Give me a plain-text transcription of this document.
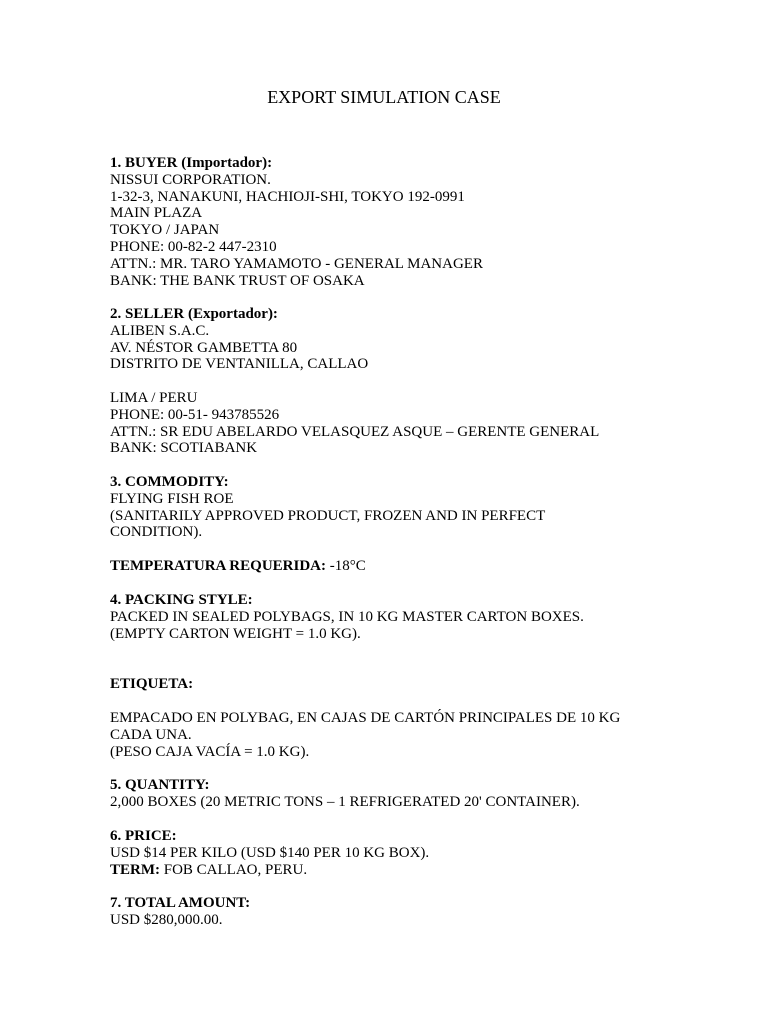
EXPORT SIMULATION CASE
1. BUYER (Importador):
NISSUI CORPORATION.
1-32-3, NANAKUNI, HACHIOJI-SHI, TOKYO 192-0991
MAIN PLAZA
TOKYO / JAPAN
PHONE: 00-82-2 447-2310
ATTN.: MR. TARO YAMAMOTO - GENERAL MANAGER
BANK: THE BANK TRUST OF OSAKA
2. SELLER (Exportador):
ALIBEN S.A.C.
AV. NÉSTOR GAMBETTA 80
DISTRITO DE VENTANILLA, CALLAO
LIMA / PERU
PHONE: 00-51- 943785526
ATTN.: SR EDU ABELARDO VELASQUEZ ASQUE – GERENTE GENERAL
BANK: SCOTIABANK
3. COMMODITY:
FLYING FISH ROE
(SANITARILY APPROVED PRODUCT, FROZEN AND IN PERFECT
CONDITION).
TEMPERATURA REQUERIDA: -18°C
4. PACKING STYLE:
PACKED IN SEALED POLYBAGS, IN 10 KG MASTER CARTON BOXES.
(EMPTY CARTON WEIGHT = 1.0 KG).
ETIQUETA:
EMPACADO EN POLYBAG, EN CAJAS DE CARTÓN PRINCIPALES DE 10 KG
CADA UNA.
(PESO CAJA VACÍA = 1.0 KG).
5. QUANTITY:
2,000 BOXES (20 METRIC TONS – 1 REFRIGERATED 20' CONTAINER).
6. PRICE:
USD $14 PER KILO (USD $140 PER 10 KG BOX).
TERM: FOB CALLAO, PERU.
7. TOTAL AMOUNT:
USD $280,000.00.
